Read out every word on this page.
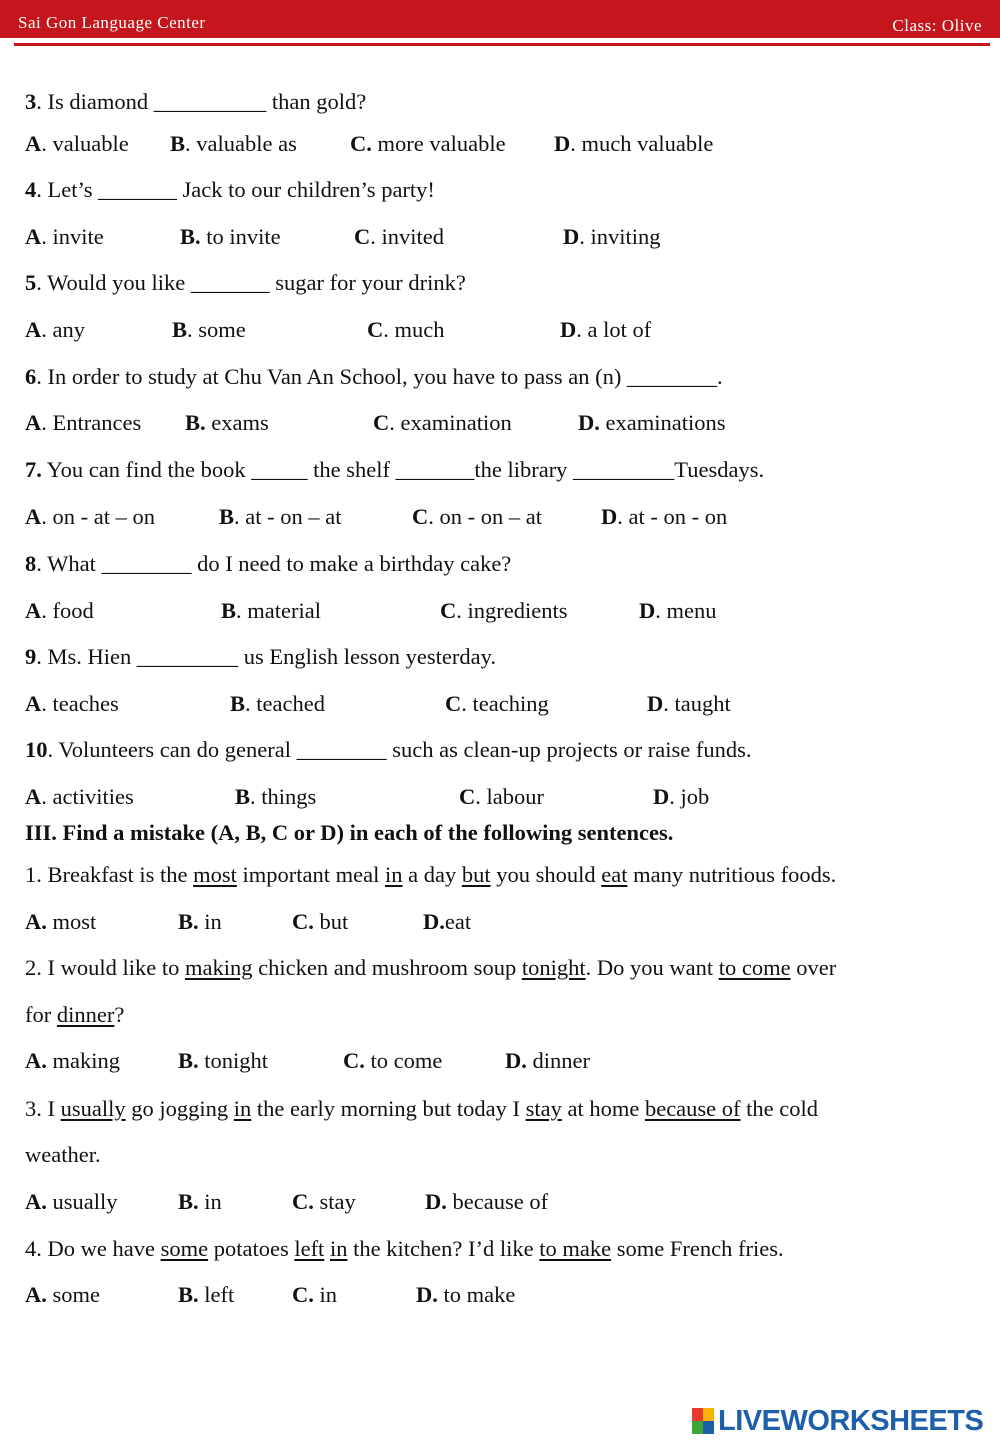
Sai Gon Language Center	Class: Olive
3. Is diamond __________ than gold?
A. valuable B. valuable as C. more valuable D. much valuable
4. Let’s _______ Jack to our children’s party!
A. invite	B. to invite	C. invited	D. inviting
5. Would you like _______ sugar for your drink?
A. any	B. some	C. much	D. a lot of
6. In order to study at Chu Van An School, you have to pass an (n) ________.
A. Entrances B. exams	C. examination	D. examinations
7. You can find the book _____ the shelf _______the library _________Tuesdays.
A. on - at – on	B. at - on – at	C. on - on – at	D. at - on - on
8. What ________ do I need to make a birthday cake?
A. food	B. material	C. ingredients	D. menu
9. Ms. Hien _________ us English lesson yesterday.
A. teaches	B. teached	C. teaching	D. taught
10. Volunteers can do general ________ such as clean-up projects or raise funds.
A. activities	B. things	C. labour	D. job
III. Find a mistake (A, B, C or D) in each of the following sentences.
1. Breakfast is the most important meal in a day but you should eat many nutritious foods.
A. most	B. in	C. but	D.eat
2. I would like to making chicken and mushroom soup tonight. Do you want to come over
for dinner?
A. making	B. tonight	C. to come	D. dinner
3. I usually go jogging in the early morning but today I stay at home because of the cold
weather.
A. usually	B. in	C. stay	D. because of
4. Do we have some potatoes left in the kitchen? I’d like to make some French fries.
A. some	B. left	C. in	D. to make
LIVEWORKSHEETS
